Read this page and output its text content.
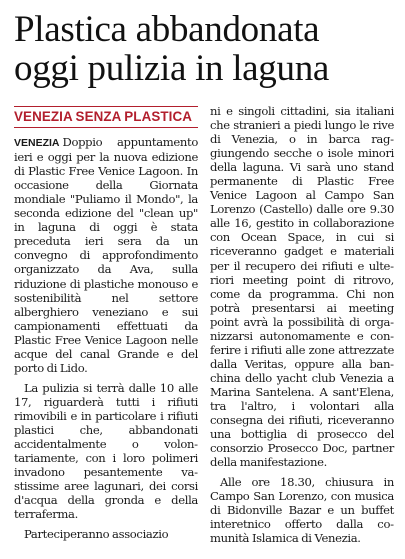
Plastica abbandonata
oggi pulizia in laguna
VENEZIA SENZA PLASTICA

VENEZIA Doppio appuntamento ieri e oggi per la nuova edizione di Plastic Free Venice Lagoon. In occasione della Giornata mondiale "Puliamo il Mondo", la seconda edizione del "clean up" in laguna di oggi è stata preceduta ieri sera da un convegno di approfondimento organizzato da Ava, sulla riduzione di plastiche monouso e sostenibilità nel settore alberghiero veneziano e sui campionamenti effettuati da Plastic Free Venice Lagoon nelle acque del canal Grande e del porto di Lido.

La pulizia si terrà dalle 10 alle 17, riguarderà tutti i rifiuti rimovibili e in particolare i rifiuti plastici che, abbandonati accidentalmente o volontariamente, con i loro polimeri invadono pesantemente vastissime aree lagunari, dei corsi d'acqua della gronda e della terraferma.

Parteciperanno associazio

ni e singoli cittadini, sia italiani che stranieri a piedi lungo le rive di Venezia, o in barca raggiungendo secche o isole minori della laguna. Vi sarà uno stand permanente di Plastic Free Venice Lagoon al Campo San Lorenzo (Castello) dalle ore 9.30 alle 16, gestito in collaborazione con Ocean Space, in cui si riceveranno gadget e materiali per il recupero dei rifiuti e ulteriori meeting point di ritrovo, come da programma. Chi non potrà presentarsi ai meeting point avrà la possibilità di organizzarsi autonomamente e conferire i rifiuti alle zone attrezzate dalla Veritas, oppure alla banchina dello yacht club Venezia a Marina Santelena. A sant'Elena, tra l'altro, i volontari alla consegna dei rifiuti, riceveranno una bottiglia di prosecco del consorzio Prosecco Doc, partner della manifestazione.

Alle ore 18.30, chiusura in Campo San Lorenzo, con musica di Bidonville Bazar e un buffet interetnico offerto dalla comunità Islamica di Venezia.
